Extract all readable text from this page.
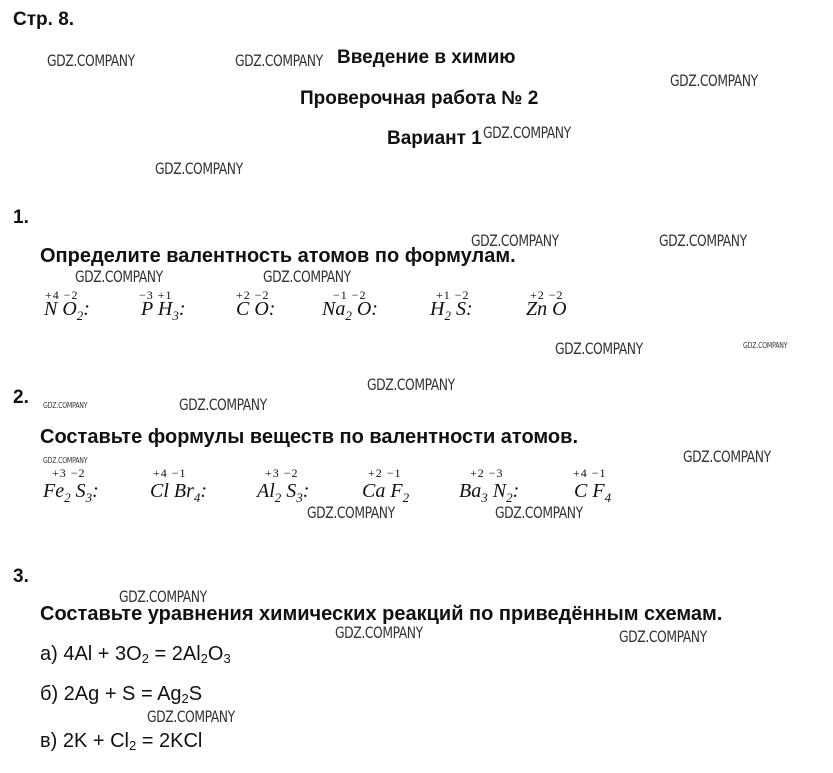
Стр. 8.
Введение в химию
Проверочная работа № 2
Вариант 1
1.
Определите валентность атомов по формулам.
+4 −2
N $O_2$:
−3 +1
P $H_3$:
+2 −2
C O:
−1 −2
$Na_2$ O:
+1 −2
$H_2$ S:
+2 −2
Zn O
2.
Составьте формулы веществ по валентности атомов.
+3 −2
$Fe_2$ $S_3$:
+4 −1
Cl $Br_4$:
+3 −2
$Al_2$ $S_3$:
+2 −1
Ca $F_2$
+2 −3
$Ba_3$ $N_2$:
+4 −1
C $F_4$
3.
Составьте уравнения химических реакций по приведённым схемам.
а) $4Al + 3O_2 = 2Al_2O_3$
б) $2Ag + S = Ag_2S$
в) $2K + Cl_2 = 2KCl$
GDZ.COMPANY	GDZ.COMPANY
GDZ.COMPANY
GDZ.COMPANY
GDZ.COMPANY
GDZ.COMPANY	GDZ.COMPANY
GDZ.COMPANY	GDZ.COMPANY
GDZ.COMPANY	GDZ.COMPANY
GDZ.COMPANY
GDZ.COMPANY	GDZ.COMPANY
GDZ.COMPANY
GDZ.COMPANY
GDZ.COMPANY	GDZ.COMPANY
GDZ.COMPANY
GDZ.COMPANY	GDZ.COMPANY
GDZ.COMPANY
